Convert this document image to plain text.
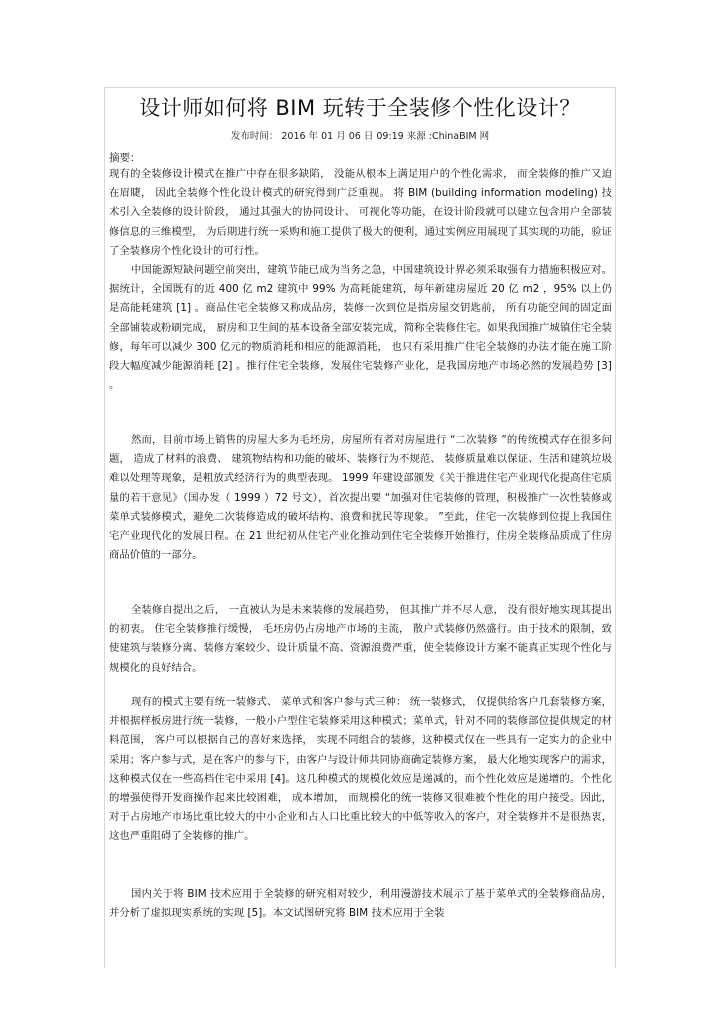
设计师如何将 BIM 玩转于全装修个性化设计？
发布时间： 2016 年 01 月 06 日 09:19 来源 :ChinaBIM 网
摘要：

现有的全装修设计模式在推广中存在很多缺陷， 没能从根本上满足用户的个性化需求， 而全装修的推广又迫在眉睫， 因此全装修个性化设计模式的研究得到广泛重视。 将 BIM (building information modeling) 技术引入全装修的设计阶段， 通过其强大的协同设计、 可视化等功能，在设计阶段就可以建立包含用户全部装修信息的三维模型， 为后期进行统一采购和施工提供了极大的便利，通过实例应用展现了其实现的功能，验证了全装修房个性化设计的可行性。

中国能源短缺问题空前突出，建筑节能已成为当务之急，中国建筑设计界必须采取强有力措施积极应对。据统计，全国既有的近 400 亿 m2 建筑中 99% 为高耗能建筑，每年新建房屋近 20 亿 m2 ，95% 以上仍是高能耗建筑 [1] 。商品住宅全装修又称成品房，装修一次到位是指房屋交钥匙前， 所有功能空间的固定面全部铺装或粉刷完成， 厨房和卫生间的基本设备全部安装完成，简称全装修住宅。如果我国推广城镇住宅全装修，每年可以减少 300 亿元的物质消耗和相应的能源消耗， 也只有采用推广住宅全装修的办法才能在施工阶段大幅度减少能源消耗 [2] 。推行住宅全装修，发展住宅装修产业化，是我国房地产市场必然的发展趋势 [3] 。

然而，目前市场上销售的房屋大多为毛坯房，房屋所有者对房屋进行 “二次装修 ”的传统模式存在很多问题， 造成了材料的浪费、 建筑物结构和功能的破坏、装修行为不规范、 装修质量难以保证、生活和建筑垃圾难以处理等现象，是粗放式经济行为的典型表现。 1999 年建设部颁发《关于推进住宅产业现代化提高住宅质量的若干意见》（国办发（ 1999 ）72 号文），首次提出要 “加强对住宅装修的管理，积极推广一次性装修或菜单式装修模式，避免二次装修造成的破坏结构、浪费和扰民等现象。 ”至此，住宅一次装修到位提上我国住宅产业现代化的发展日程。在 21 世纪初从住宅产业化推动到住宅全装修开始推行，住房全装修品质成了住房商品价值的一部分。

全装修自提出之后， 一直被认为是未来装修的发展趋势， 但其推广并不尽人意， 没有很好地实现其提出的初衷。 住宅全装修推行缓慢， 毛坯房仍占房地产市场的主流， 散户式装修仍然盛行。由于技术的限制，致使建筑与装修分离、装修方案较少、设计质量不高、资源浪费严重，使全装修设计方案不能真正实现个性化与规模化的良好结合。

现有的模式主要有统一装修式、 菜单式和客户参与式三种： 统一装修式， 仅提供给客户几套装修方案，并根据样板房进行统一装修，一般小户型住宅装修采用这种模式；菜单式，针对不同的装修部位提供规定的材料范围， 客户可以根据自己的喜好来选择， 实现不同组合的装修，这种模式仅在一些具有一定实力的企业中采用；客户参与式，是在客户的参与下，由客户与设计师共同协商确定装修方案， 最大化地实现客户的需求， 这种模式仅在一些高档住宅中采用 [4]。这几种模式的规模化效应是递减的，而个性化效应是递增的。个性化的增强使得开发商操作起来比较困难， 成本增加， 而规模化的统一装修又很难被个性化的用户接受。因此，对于占房地产市场比重比较大的中小企业和占人口比重比较大的中低等收入的客户，对全装修并不是很热衷，这也严重阻碍了全装修的推广。

国内关于将 BIM 技术应用于全装修的研究相对较少，利用漫游技术展示了基于菜单式的全装修商品房， 并分析了虚拟现实系统的实现 [5]。本文试图研究将 BIM 技术应用于全装
